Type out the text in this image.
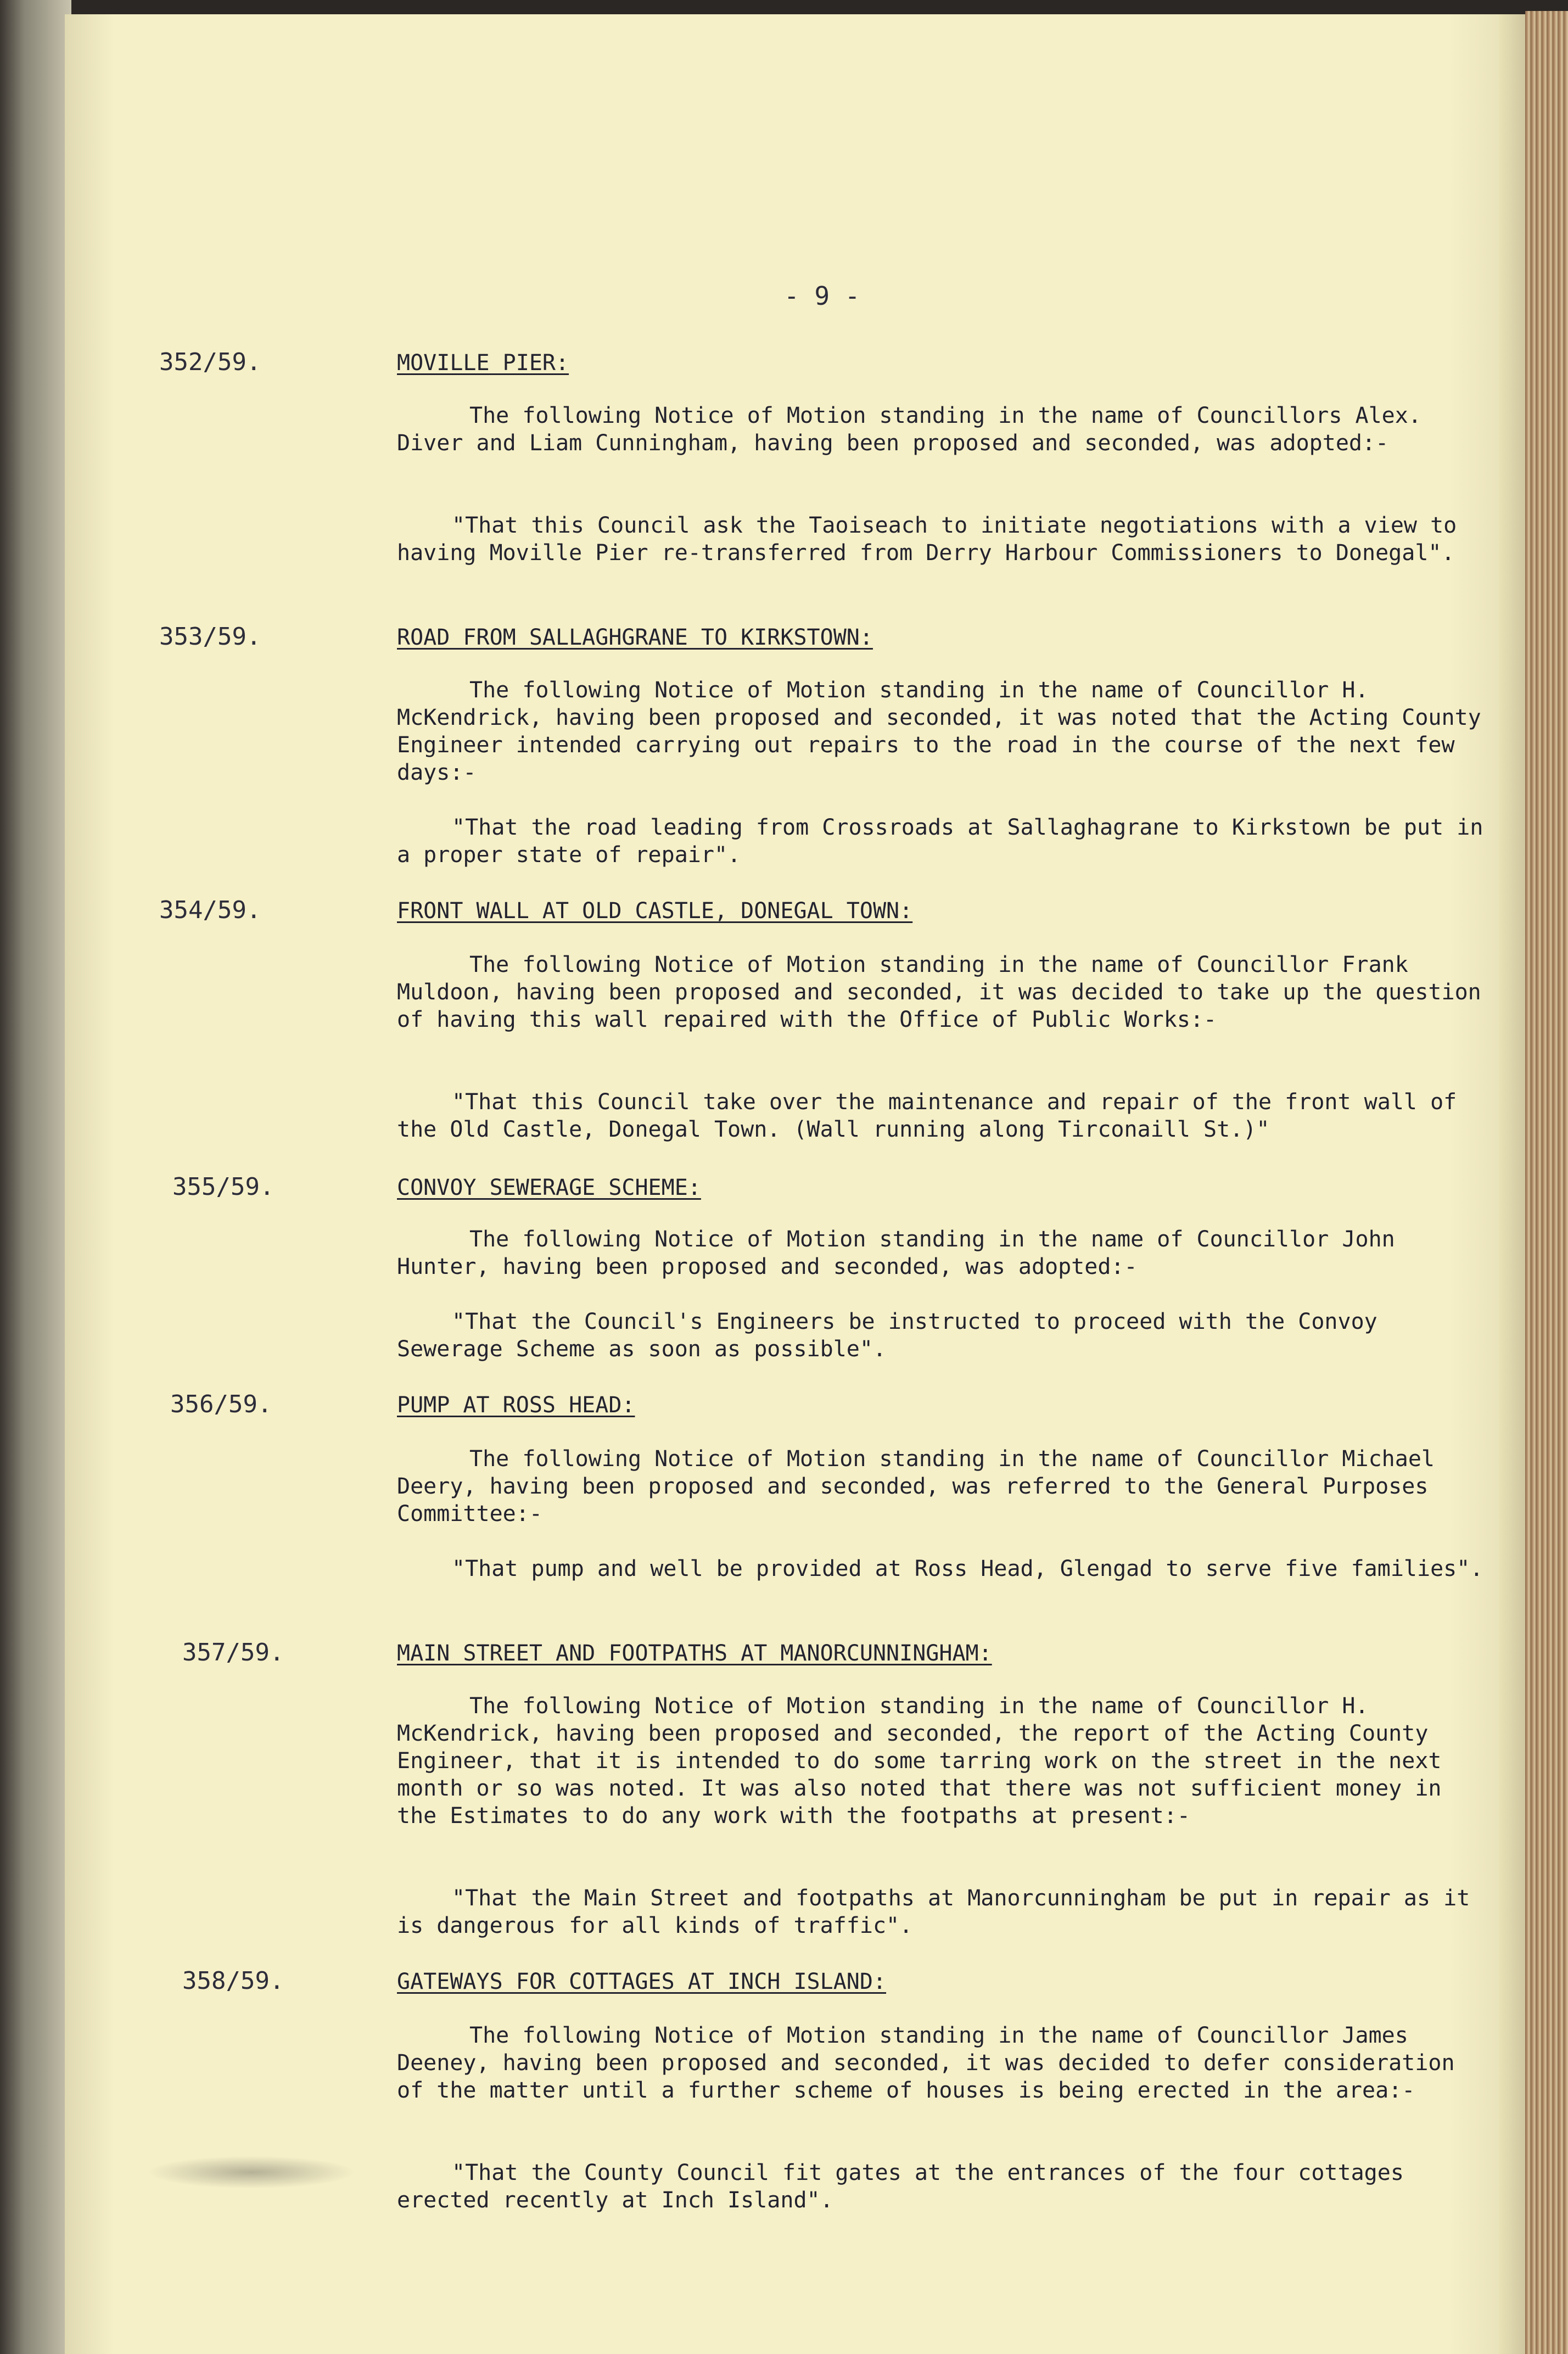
- 9 -
352/59.	MOVILLE PIER:

The following Notice of Motion standing in the name of Councillors Alex. Diver and Liam Cunningham, having been proposed and seconded, was adopted:-

"That this Council ask the Taoiseach to initiate negotiations with a view to having Moville Pier re-transferred from Derry Harbour Commissioners to Donegal".

353/59.	ROAD FROM SALLAGHGRANE TO KIRKSTOWN:

The following Notice of Motion standing in the name of Councillor H. McKendrick, having been proposed and seconded, it was noted that the Acting County Engineer intended carrying out repairs to the road in the course of the next few days:-

"That the road leading from Crossroads at Sallaghagrane to Kirkstown be put in a proper state of repair".

354/59.	FRONT WALL AT OLD CASTLE, DONEGAL TOWN:

The following Notice of Motion standing in the name of Councillor Frank Muldoon, having been proposed and seconded, it was decided to take up the question of having this wall repaired with the Office of Public Works:-

"That this Council take over the maintenance and repair of the front wall of the Old Castle, Donegal Town. (Wall running along Tirconaill St.)"

355/59.	CONVOY SEWERAGE SCHEME:

The following Notice of Motion standing in the name of Councillor John Hunter, having been proposed and seconded, was adopted:-

"That the Council's Engineers be instructed to proceed with the Convoy Sewerage Scheme as soon as possible".

356/59.	PUMP AT ROSS HEAD:

The following Notice of Motion standing in the name of Councillor Michael Deery, having been proposed and seconded, was referred to the General Purposes Committee:-

"That pump and well be provided at Ross Head, Glengad to serve five families".

357/59.	MAIN STREET AND FOOTPATHS AT MANORCUNNINGHAM:

The following Notice of Motion standing in the name of Councillor H. McKendrick, having been proposed and seconded, the report of the Acting County Engineer, that it is intended to do some tarring work on the street in the next month or so was noted. It was also noted that there was not sufficient money in the Estimates to do any work with the footpaths at present:-

"That the Main Street and footpaths at Manorcunningham be put in repair as it is dangerous for all kinds of traffic".

358/59.	GATEWAYS FOR COTTAGES AT INCH ISLAND:

The following Notice of Motion standing in the name of Councillor James Deeney, having been proposed and seconded, it was decided to defer consideration of the matter until a further scheme of houses is being erected in the area:-

"That the County Council fit gates at the entrances of the four cottages erected recently at Inch Island".
